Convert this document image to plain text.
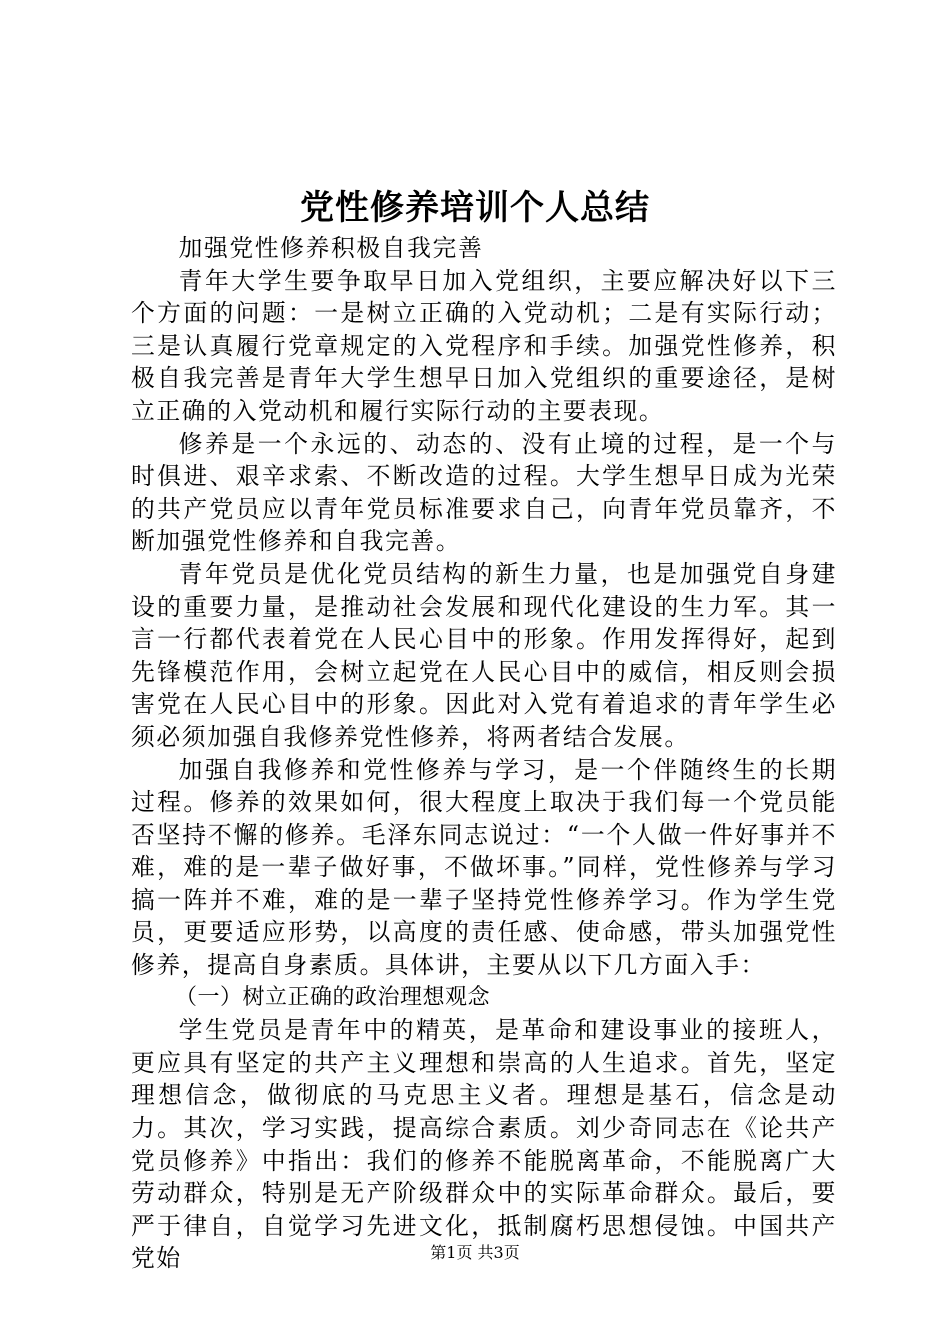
党性修养培训个人总结

加强党性修养积极自我完善

青年大学生要争取早日加入党组织，主要应解决好以下三个方面的问题：一是树立正确的入党动机；二是有实际行动；三是认真履行党章规定的入党程序和手续。加强党性修养，积极自我完善是青年大学生想早日加入党组织的重要途径，是树立正确的入党动机和履行实际行动的主要表现。

修养是一个永远的、动态的、没有止境的过程，是一个与时俱进、艰辛求索、不断改造的过程。大学生想早日成为光荣的共产党员应以青年党员标准要求自己，向青年党员靠齐，不断加强党性修养和自我完善。

青年党员是优化党员结构的新生力量，也是加强党自身建设的重要力量，是推动社会发展和现代化建设的生力军。其一言一行都代表着党在人民心目中的形象。作用发挥得好，起到先锋模范作用，会树立起党在人民心目中的威信，相反则会损害党在人民心目中的形象。因此对入党有着追求的青年学生必须必须加强自我修养党性修养，将两者结合发展。

加强自我修养和党性修养与学习，是一个伴随终生的长期过程。修养的效果如何，很大程度上取决于我们每一个党员能否坚持不懈的修养。毛泽东同志说过：“一个人做一件好事并不难，难的是一辈子做好事，不做坏事。”同样，党性修养与学习搞一阵并不难，难的是一辈子坚持党性修养学习。作为学生党员，更要适应形势，以高度的责任感、使命感，带头加强党性修养，提高自身素质。具体讲，主要从以下几方面入手：

（一）树立正确的政治理想观念

学生党员是青年中的精英，是革命和建设事业的接班人，更应具有坚定的共产主义理想和崇高的人生追求。首先，坚定理想信念，做彻底的马克思主义者。理想是基石，信念是动力。其次，学习实践，提高综合素质。刘少奇同志在《论共产党员修养》中指出：我们的修养不能脱离革命，不能脱离广大劳动群众，特别是无产阶级群众中的实际革命群众。最后，要严于律自，自觉学习先进文化，抵制腐朽思想侵蚀。中国共产党始	第1页 共3页
